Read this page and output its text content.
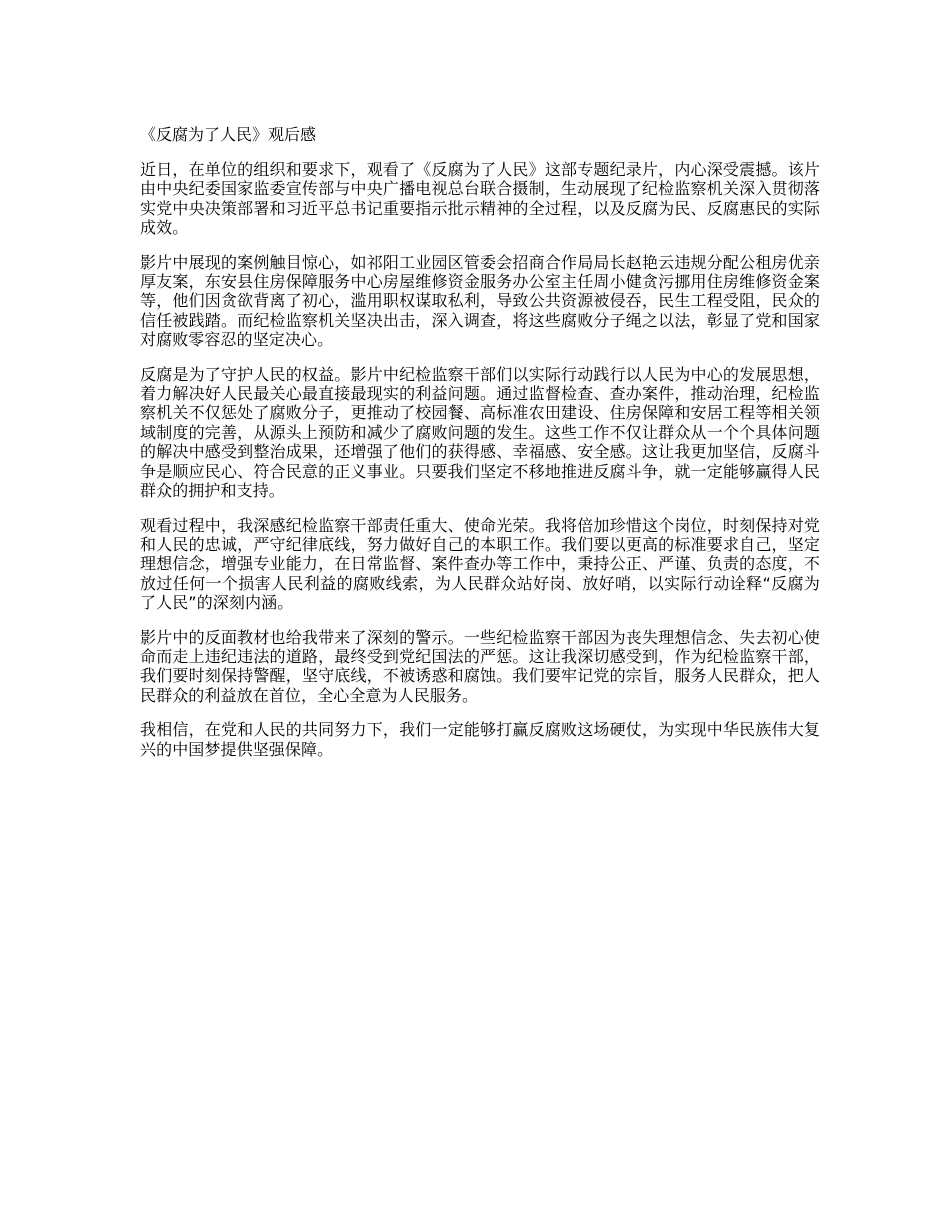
《反腐为了人民》观后感

近日，在单位的组织和要求下，观看了《反腐为了人民》这部专题纪录片，内心深受震撼。该片由中央纪委国家监委宣传部与中央广播电视总台联合摄制，生动展现了纪检监察机关深入贯彻落实党中央决策部署和习近平总书记重要指示批示精神的全过程，以及反腐为民、反腐惠民的实际成效。

影片中展现的案例触目惊心，如祁阳工业园区管委会招商合作局局长赵艳云违规分配公租房优亲厚友案，东安县住房保障服务中心房屋维修资金服务办公室主任周小健贪污挪用住房维修资金案等，他们因贪欲背离了初心，滥用职权谋取私利，导致公共资源被侵吞，民生工程受阻，民众的信任被践踏。而纪检监察机关坚决出击，深入调查，将这些腐败分子绳之以法，彰显了党和国家对腐败零容忍的坚定决心。

反腐是为了守护人民的权益。影片中纪检监察干部们以实际行动践行以人民为中心的发展思想，着力解决好人民最关心最直接最现实的利益问题。通过监督检查、查办案件，推动治理，纪检监察机关不仅惩处了腐败分子，更推动了校园餐、高标准农田建设、住房保障和安居工程等相关领域制度的完善，从源头上预防和减少了腐败问题的发生。这些工作不仅让群众从一个个具体问题的解决中感受到整治成果，还增强了他们的获得感、幸福感、安全感。这让我更加坚信，反腐斗争是顺应民心、符合民意的正义事业。只要我们坚定不移地推进反腐斗争，就一定能够赢得人民群众的拥护和支持。

观看过程中，我深感纪检监察干部责任重大、使命光荣。我将倍加珍惜这个岗位，时刻保持对党和人民的忠诚，严守纪律底线，努力做好自己的本职工作。我们要以更高的标准要求自己，坚定理想信念，增强专业能力，在日常监督、案件查办等工作中，秉持公正、严谨、负责的态度，不放过任何一个损害人民利益的腐败线索，为人民群众站好岗、放好哨，以实际行动诠释“反腐为了人民”的深刻内涵。

影片中的反面教材也给我带来了深刻的警示。一些纪检监察干部因为丧失理想信念、失去初心使命而走上违纪违法的道路，最终受到党纪国法的严惩。这让我深切感受到，作为纪检监察干部，我们要时刻保持警醒，坚守底线，不被诱惑和腐蚀。我们要牢记党的宗旨，服务人民群众，把人民群众的利益放在首位，全心全意为人民服务。

我相信，在党和人民的共同努力下，我们一定能够打赢反腐败这场硬仗，为实现中华民族伟大复兴的中国梦提供坚强保障。
